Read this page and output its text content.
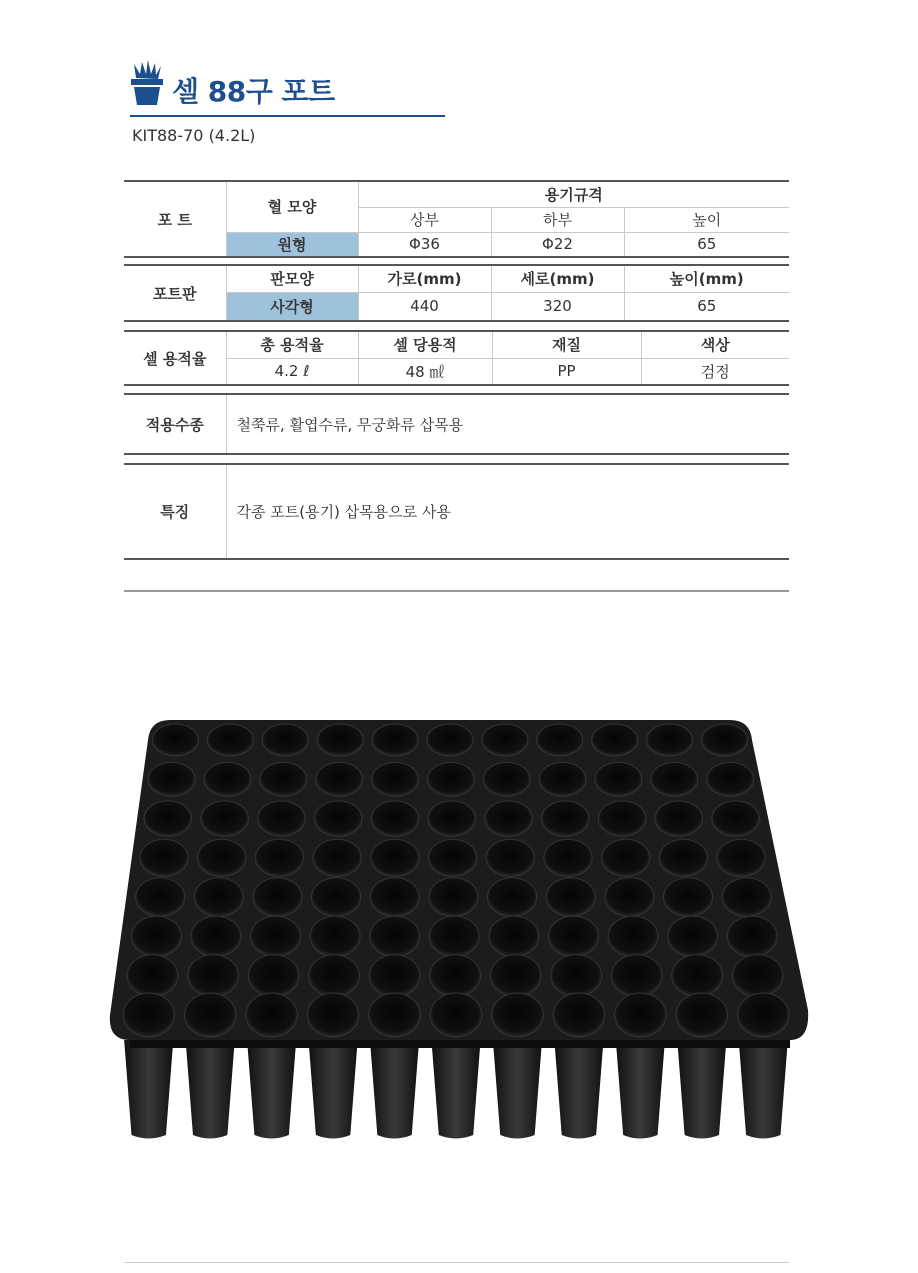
셀 88구 포트
KIT88-70 (4.2L)
포 트	혈 모양	용기규격		
		상부	하부	높이
	원형	Φ36	Φ22	65
포트판	판모양	가로(mm)	세로(mm)	높이(mm)
	사각형	440	320	65
셀 용적율	총 용적율	셀 당용적	재질	색상
	4.2 ℓ	48 ㎖	PP	검정
적용수종	철쭉류, 활엽수류, 무궁화류 삽목용
특징	각종 포트(용기) 삽목용으로 사용
